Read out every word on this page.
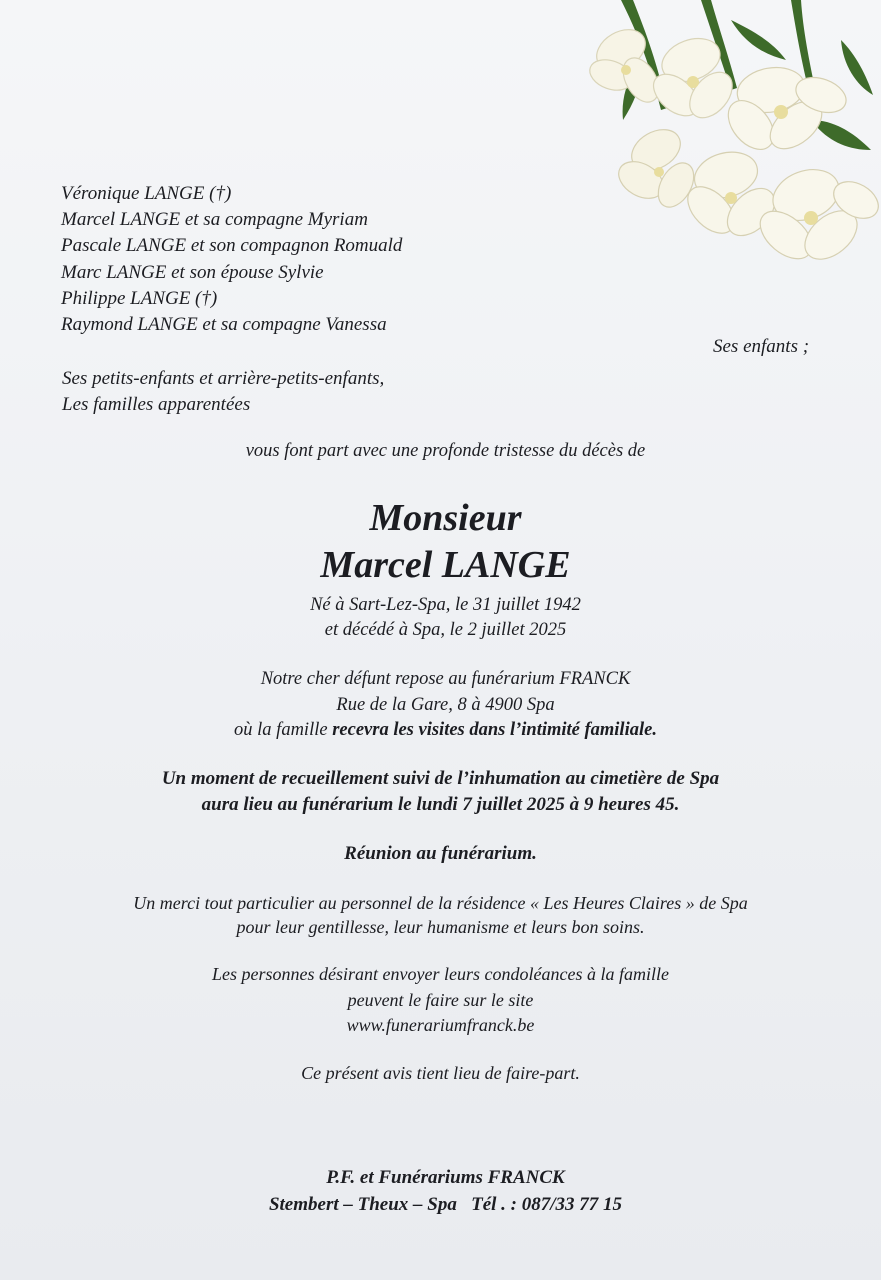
Véronique LANGE (†)
Marcel LANGE et sa compagne Myriam
Pascale LANGE et son compagnon Romuald
Marc LANGE et son épouse Sylvie
Philippe LANGE (†)
Raymond LANGE et sa compagne Vanessa
Ses enfants ;
Ses petits-enfants et arrière-petits-enfants,
Les familles apparentées
vous font part avec une profonde tristesse du décès de
Monsieur
Marcel LANGE
Né à Sart-Lez-Spa, le 31 juillet 1942
et décédé à Spa, le 2 juillet 2025
Notre cher défunt repose au funérarium FRANCK
Rue de la Gare, 8 à 4900 Spa
où la famille recevra les visites dans l’intimité familiale.
Un moment de recueillement suivi de l’inhumation au cimetière de Spa
aura lieu au funérarium le lundi 7 juillet 2025 à 9 heures 45.
Réunion au funérarium.
Un merci tout particulier au personnel de la résidence « Les Heures Claires » de Spa
pour leur gentillesse, leur humanisme et leurs bon soins.
Les personnes désirant envoyer leurs condoléances à la famille
peuvent le faire sur le site
www.funerariumfranck.be
Ce présent avis tient lieu de faire-part.
P.F. et Funérariums FRANCK
Stembert – Theux – Spa Tél . : 087/33 77 15
